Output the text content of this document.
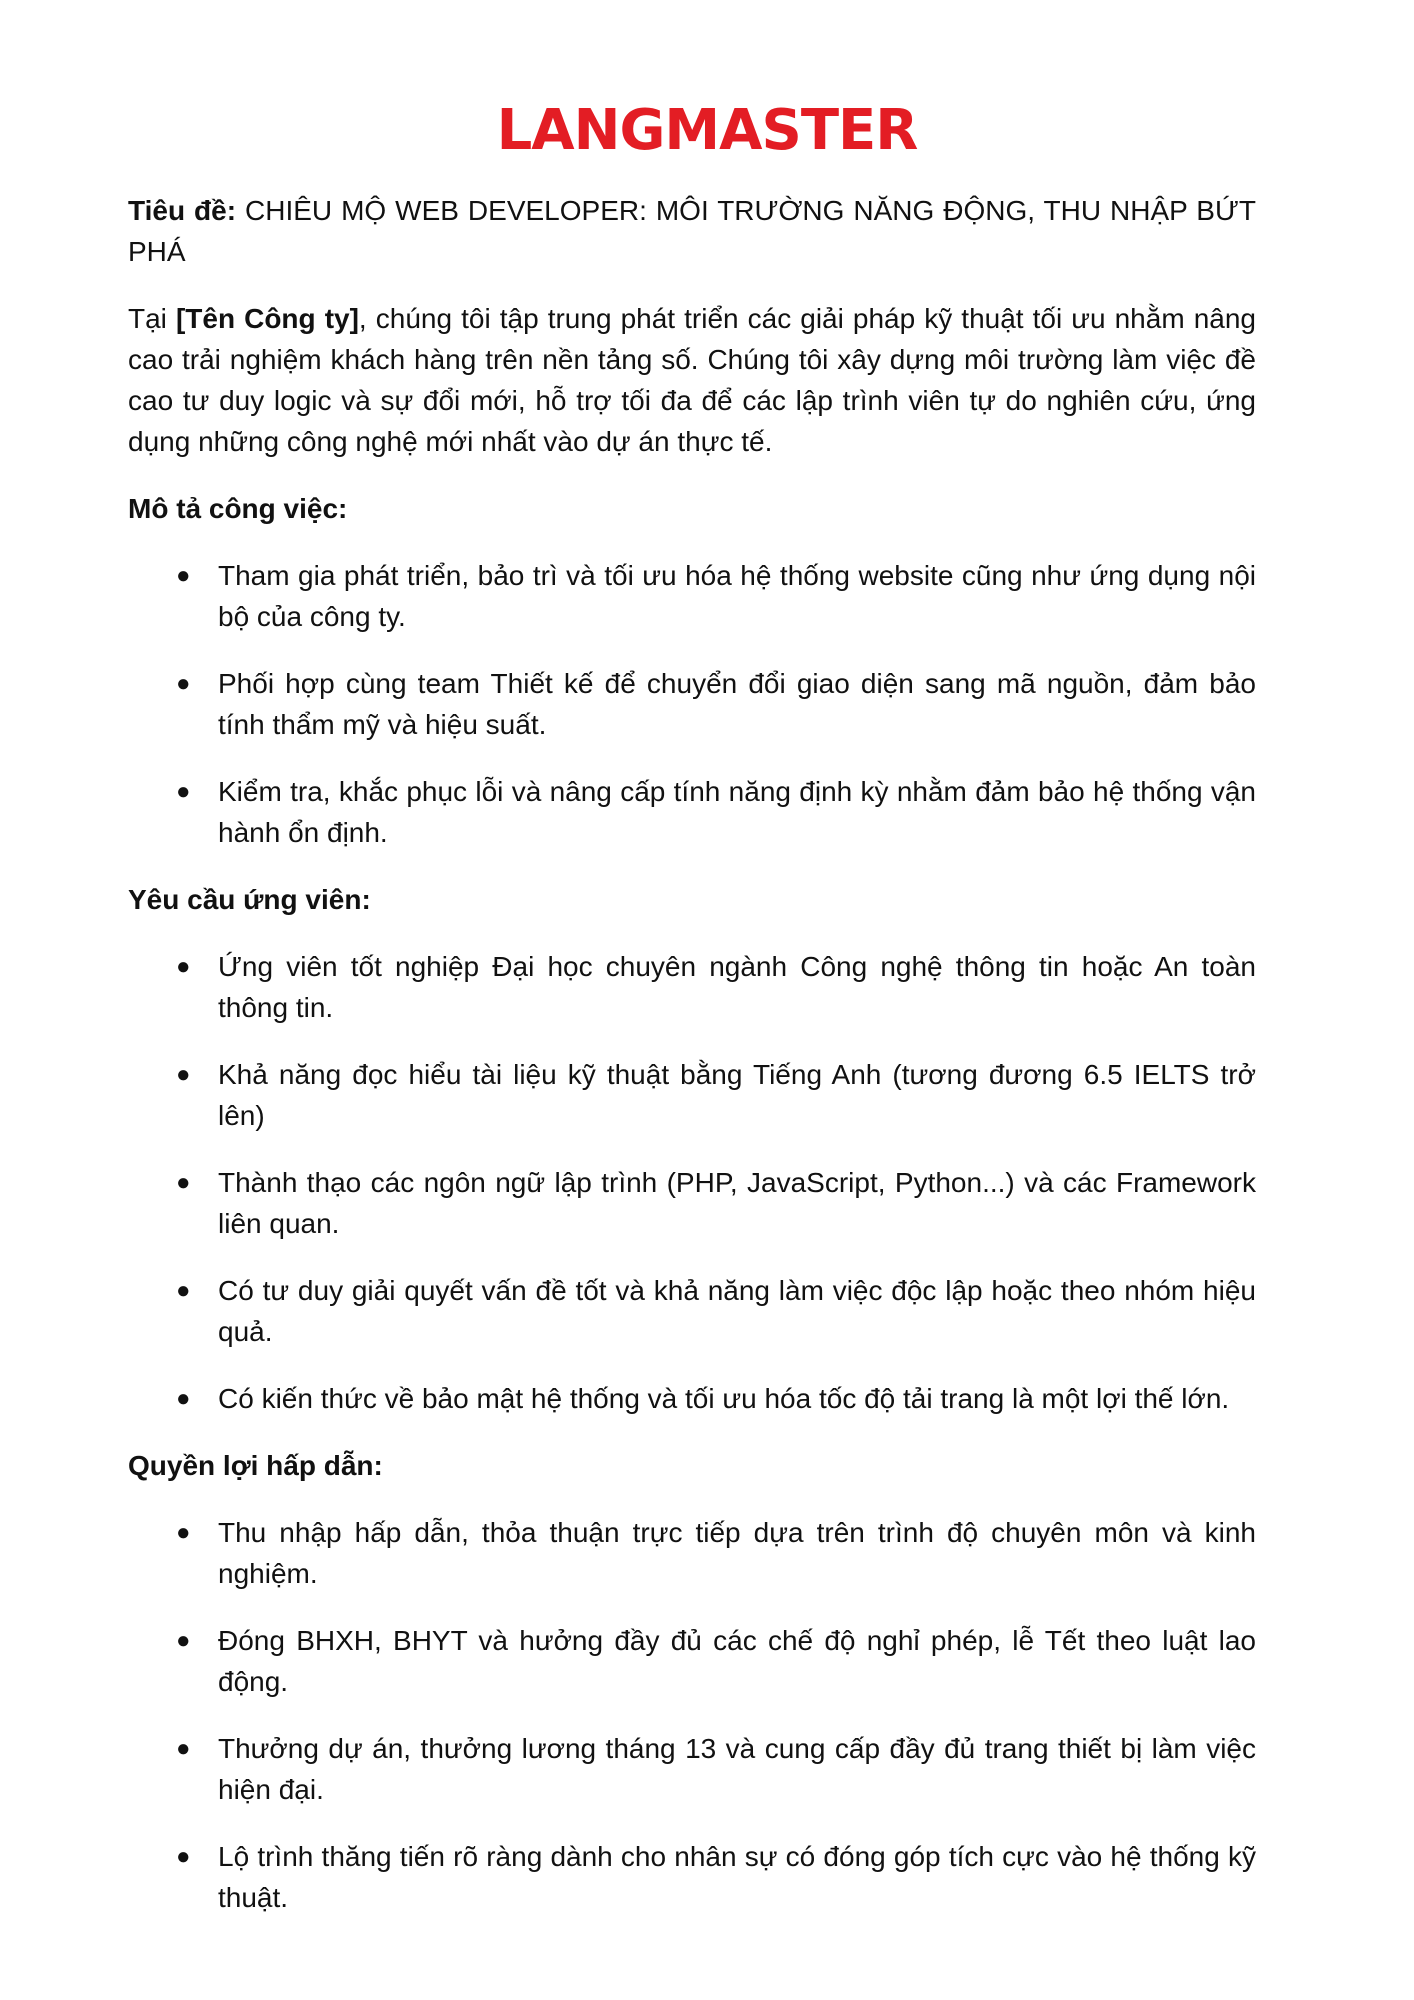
LANGMASTER

Tiêu đề: CHIÊU MỘ WEB DEVELOPER: MÔI TRƯỜNG NĂNG ĐỘNG, THU NHẬP BỨT PHÁ

Tại [Tên Công ty], chúng tôi tập trung phát triển các giải pháp kỹ thuật tối ưu nhằm nâng cao trải nghiệm khách hàng trên nền tảng số. Chúng tôi xây dựng môi trường làm việc đề cao tư duy logic và sự đổi mới, hỗ trợ tối đa để các lập trình viên tự do nghiên cứu, ứng dụng những công nghệ mới nhất vào dự án thực tế.

Mô tả công việc:
● Tham gia phát triển, bảo trì và tối ưu hóa hệ thống website cũng như ứng dụng nội bộ của công ty.
● Phối hợp cùng team Thiết kế để chuyển đổi giao diện sang mã nguồn, đảm bảo tính thẩm mỹ và hiệu suất.
● Kiểm tra, khắc phục lỗi và nâng cấp tính năng định kỳ nhằm đảm bảo hệ thống vận hành ổn định.
Yêu cầu ứng viên:
● Ứng viên tốt nghiệp Đại học chuyên ngành Công nghệ thông tin hoặc An toàn thông tin.
● Khả năng đọc hiểu tài liệu kỹ thuật bằng Tiếng Anh (tương đương 6.5 IELTS trở lên)
● Thành thạo các ngôn ngữ lập trình (PHP, JavaScript, Python...) và các Framework liên quan.
● Có tư duy giải quyết vấn đề tốt và khả năng làm việc độc lập hoặc theo nhóm hiệu quả.
● Có kiến thức về bảo mật hệ thống và tối ưu hóa tốc độ tải trang là một lợi thế lớn.
Quyền lợi hấp dẫn:
● Thu nhập hấp dẫn, thỏa thuận trực tiếp dựa trên trình độ chuyên môn và kinh nghiệm.
● Đóng BHXH, BHYT và hưởng đầy đủ các chế độ nghỉ phép, lễ Tết theo luật lao động.
● Thưởng dự án, thưởng lương tháng 13 và cung cấp đầy đủ trang thiết bị làm việc hiện đại.
● Lộ trình thăng tiến rõ ràng dành cho nhân sự có đóng góp tích cực vào hệ thống kỹ thuật.
